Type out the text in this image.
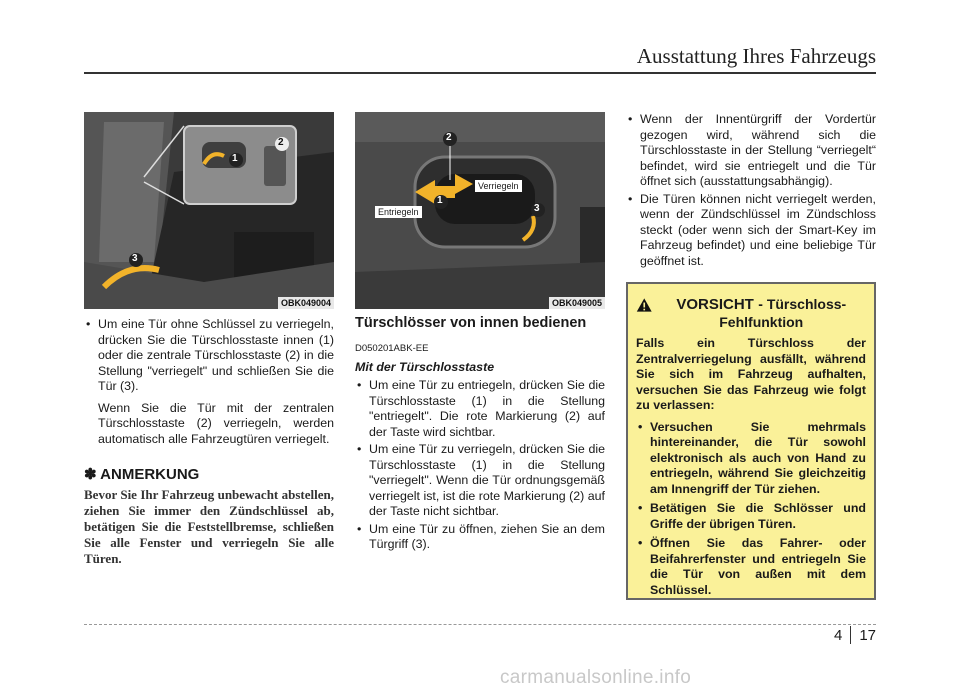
Ausstattung Ihres Fahrzeugs
1
2
3
OBK049004
• Um eine Tür ohne Schlüssel zu verriegeln, drücken Sie die Türschlosstaste innen (1) oder die zentrale Türschlosstaste (2) in die Stellung "verriegelt" und schließen Sie die Tür (3).

Wenn Sie die Tür mit der zentralen Türschlosstaste (2) verriegeln, werden automatisch alle Fahrzeugtüren verriegelt.

✽ ANMERKUNG
Bevor Sie Ihr Fahrzeug unbewacht abstellen, ziehen Sie immer den Zündschlüssel ab, betätigen Sie die Feststellbremse, schließen Sie alle Fenster und verriegeln Sie alle Türen.
2
1
3
Verriegeln
Entriegeln
OBK049005
Türschlösser von innen bedienen
D050201ABK-EE
Mit der Türschlosstaste
• Um eine Tür zu entriegeln, drücken Sie die Türschlosstaste (1) in die Stellung "entriegelt". Die rote Markierung (2) auf der Taste wird sichtbar.
• Um eine Tür zu verriegeln, drücken Sie die Türschlosstaste (1) in die Stellung "verriegelt". Wenn die Tür ordnungsgemäß verriegelt ist, ist die rote Markierung (2) auf der Taste nicht sichtbar.
• Um eine Tür zu öffnen, ziehen Sie an dem Türgriff (3).
• Wenn der Innentürgriff der Vordertür gezogen wird, während sich die Türschlosstaste in der Stellung “verriegelt“ befindet, wird sie entriegelt und die Tür öffnet sich (ausstattungsabhängig).
• Die Türen können nicht verriegelt werden, wenn der Zündschlüssel im Zündschloss steckt (oder wenn sich der Smart-Key im Fahrzeug befindet) und eine beliebige Tür geöffnet ist.
VORSICHT - Türschloss-Fehlfunktion

Falls ein Türschloss der Zentralverriegelung ausfällt, während Sie sich im Fahrzeug aufhalten, versuchen Sie das Fahrzeug wie folgt zu verlassen:

• Versuchen Sie mehrmals hintereinander, die Tür sowohl elektronisch als auch von Hand zu entriegeln, während Sie gleichzeitig am Innengriff der Tür ziehen.
• Betätigen Sie die Schlösser und Griffe der übrigen Türen.
• Öffnen Sie das Fahrer- oder Beifahrerfenster und entriegeln Sie die Tür von außen mit dem Schlüssel.
4 17
carmanualsonline.info
